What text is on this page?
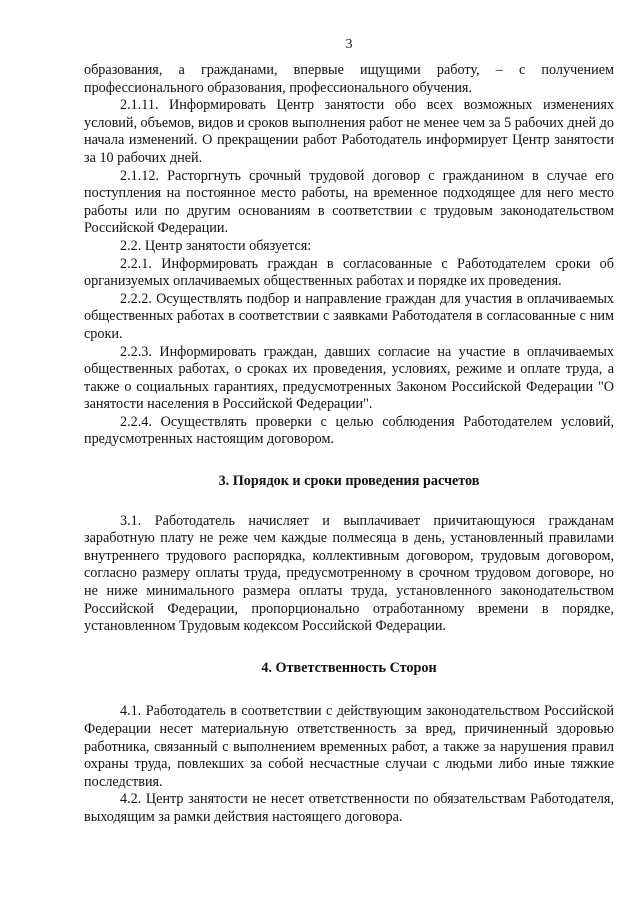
3

образования, а гражданами, впервые ищущими работу, – с получением профессионального образования, профессионального обучения.

2.1.11. Информировать Центр занятости обо всех возможных изменениях условий, объемов, видов и сроков выполнения работ не менее чем за 5 рабочих дней до начала изменений. О прекращении работ Работодатель информирует Центр занятости за 10 рабочих дней.

2.1.12. Расторгнуть срочный трудовой договор с гражданином в случае его поступления на постоянное место работы, на временное подходящее для него место работы или по другим основаниям в соответствии с трудовым законодательством Российской Федерации.

2.2. Центр занятости обязуется:

2.2.1. Информировать граждан в согласованные с Работодателем сроки об организуемых оплачиваемых общественных работах и порядке их проведения.

2.2.2. Осуществлять подбор и направление граждан для участия в оплачиваемых общественных работах в соответствии с заявками Работодателя в согласованные с ним сроки.

2.2.3. Информировать граждан, давших согласие на участие в оплачиваемых общественных работах, о сроках их проведения, условиях, режиме и оплате труда, а также о социальных гарантиях, предусмотренных Законом Российской Федерации "О занятости населения в Российской Федерации".

2.2.4. Осуществлять проверки с целью соблюдения Работодателем условий, предусмотренных настоящим договором.

3. Порядок и сроки проведения расчетов

3.1. Работодатель начисляет и выплачивает причитающуюся гражданам заработную плату не реже чем каждые полмесяца в день, установленный правилами внутреннего трудового распорядка, коллективным договором, трудовым договором, согласно размеру оплаты труда, предусмотренному в срочном трудовом договоре, но не ниже минимального размера оплаты труда, установленного законодательством Российской Федерации, пропорционально отработанному времени в порядке, установленном Трудовым кодексом Российской Федерации.

4. Ответственность Сторон

4.1. Работодатель в соответствии с действующим законодательством Российской Федерации несет материальную ответственность за вред, причиненный здоровью работника, связанный с выполнением временных работ, а также за нарушения правил охраны труда, повлекших за собой несчастные случаи с людьми либо иные тяжкие последствия.

4.2. Центр занятости не несет ответственности по обязательствам Работодателя, выходящим за рамки действия настоящего договора.
